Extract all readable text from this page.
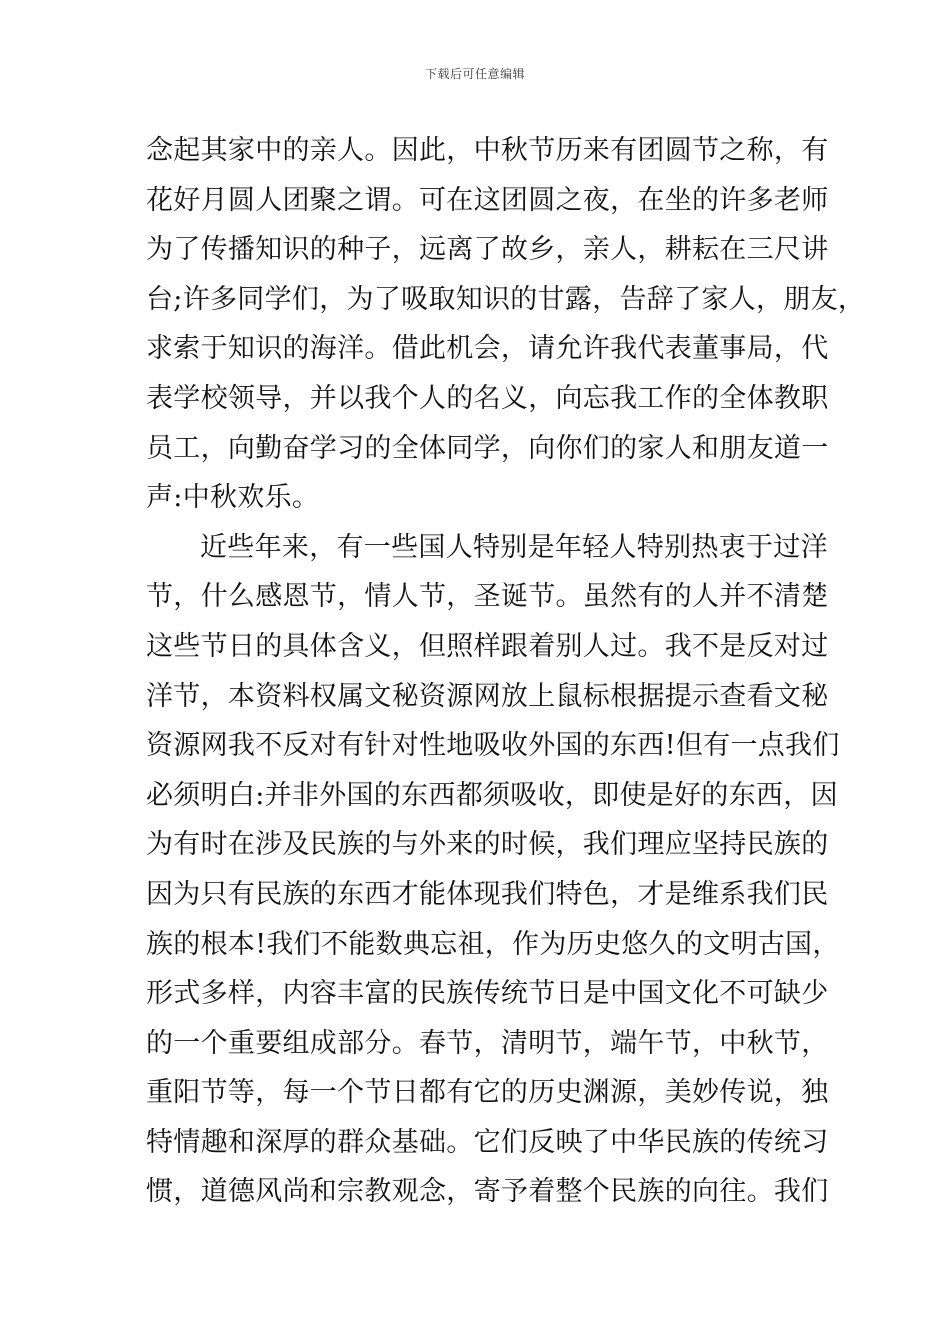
下载后可任意编辑
念起其家中的亲人。因此，中秋节历来有团圆节之称，有
花好月圆人团聚之谓。可在这团圆之夜，在坐的许多老师
为了传播知识的种子，远离了故乡，亲人，耕耘在三尺讲
台;许多同学们，为了吸取知识的甘露，告辞了家人，朋友，
求索于知识的海洋。借此机会，请允许我代表董事局，代
表学校领导，并以我个人的名义，向忘我工作的全体教职
员工，向勤奋学习的全体同学，向你们的家人和朋友道一
声:中秋欢乐。
近些年来，有一些国人特别是年轻人特别热衷于过洋
节，什么感恩节，情人节，圣诞节。虽然有的人并不清楚
这些节日的具体含义，但照样跟着别人过。我不是反对过
洋节，本资料权属文秘资源网放上鼠标根据提示查看文秘
资源网我不反对有针对性地吸收外国的东西!但有一点我们
必须明白:并非外国的东西都须吸收，即使是好的东西，因
为有时在涉及民族的与外来的时候，我们理应坚持民族的
因为只有民族的东西才能体现我们特色，才是维系我们民
族的根本!我们不能数典忘祖，作为历史悠久的文明古国，
形式多样，内容丰富的民族传统节日是中国文化不可缺少
的一个重要组成部分。春节，清明节，端午节，中秋节，
重阳节等，每一个节日都有它的历史渊源，美妙传说，独
特情趣和深厚的群众基础。它们反映了中华民族的传统习
惯，道德风尚和宗教观念，寄予着整个民族的向往。我们
